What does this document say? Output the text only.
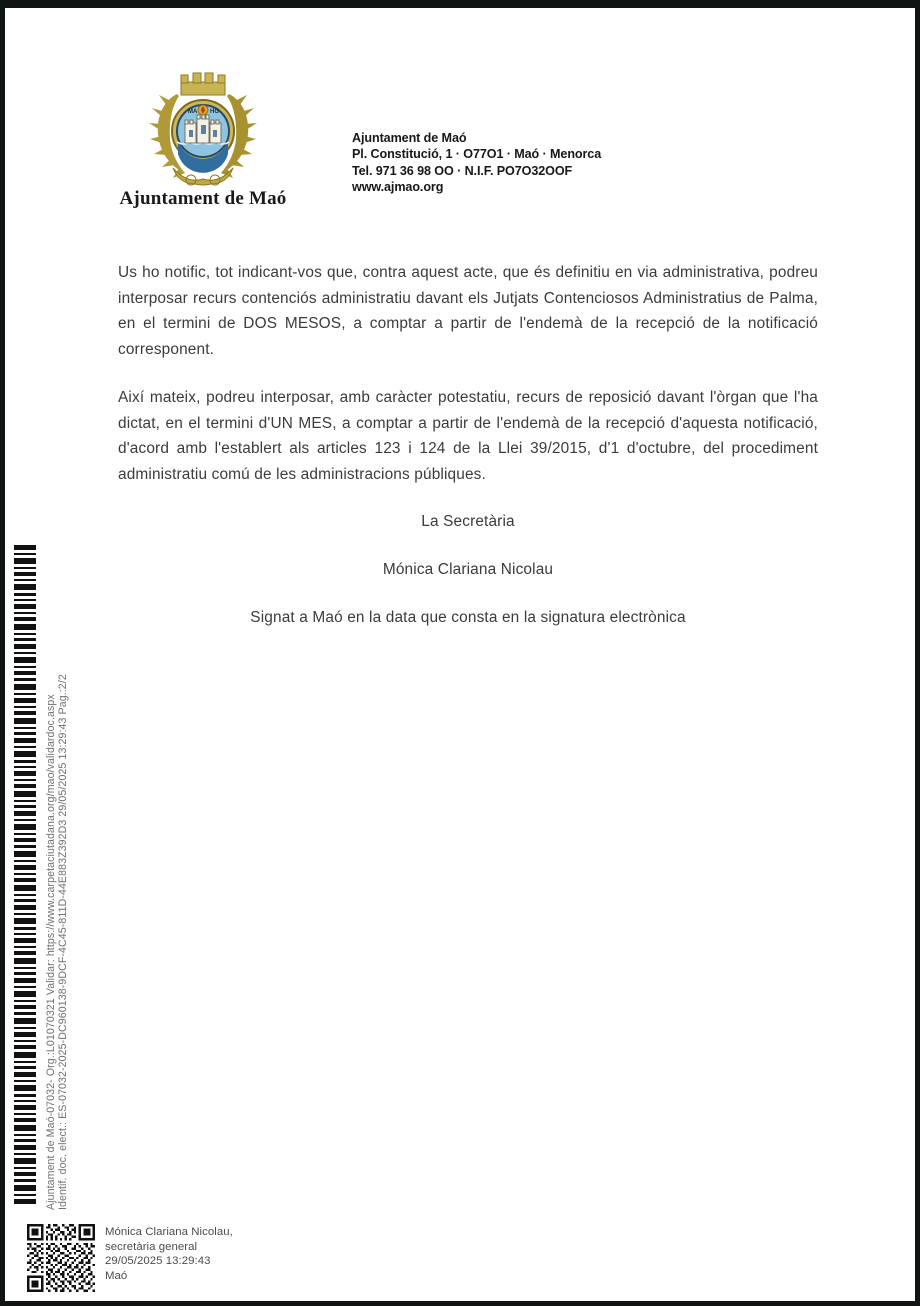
MA HG
Ajuntament de Maó
Ajuntament de Maó
Pl. Constitució, 1 · O77O1 · Maó · Menorca
Tel. 971 36 98 OO · N.I.F. PO7O32OOF
www.ajmao.org

Us ho notific, tot indicant-vos que, contra aquest acte, que és definitiu en via administrativa, podreu interposar recurs contenciós administratiu davant els Jutjats Contenciosos Administratius de Palma, en el termini de DOS MESOS, a comptar a partir de l'endemà de la recepció de la notificació corresponent.

Així mateix, podreu interposar, amb caràcter potestatiu, recurs de reposició davant l'òrgan que l'ha dictat, en el termini d'UN MES, a comptar a partir de l'endemà de la recepció d'aquesta notificació, d'acord amb l'establert als articles 123 i 124 de la Llei 39/2015, d'1 d'octubre, del procediment administratiu comú de les administracions públiques.

La Secretària
Mónica Clariana Nicolau
Signat a Maó en la data que consta en la signatura electrònica
Identif. doc. elect.: ES-07032-2025-DC960138-9DCF-4C45-811D-44E883Z392D3 29/05/2025 13:29:43 Pag.:2/2
Ajuntament de Maó-07032- Org.:L01070321 Validar: https://www.carpetaciutadana.org/mao/validardoc.aspx
Mónica Clariana Nicolau,
secretària general
29/05/2025 13:29:43
Maó
